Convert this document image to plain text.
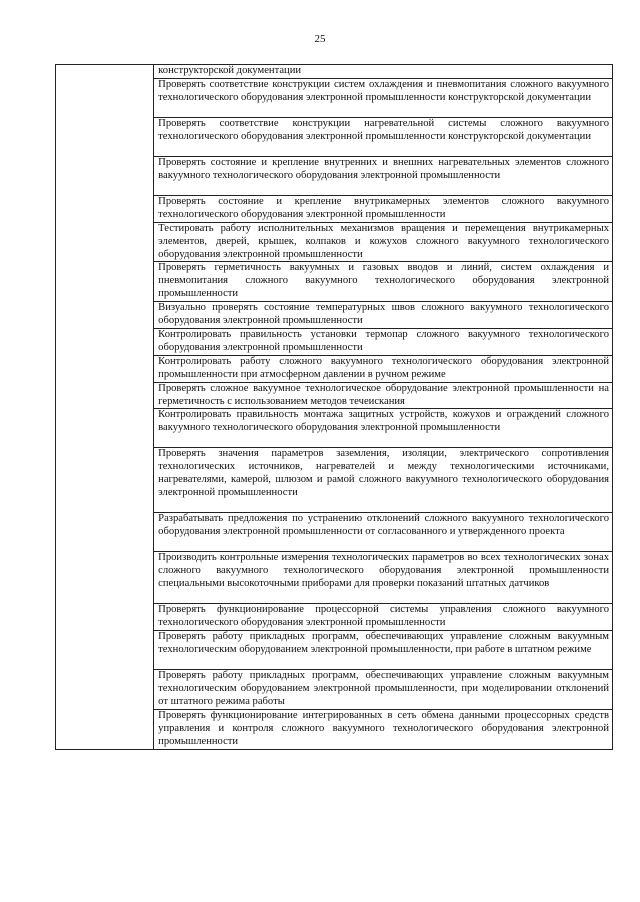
25

конструкторской документации

Проверять соответствие конструкции систем охлаждения и пневмопитания сложного вакуумного технологического оборудования электронной промышленности конструкторской документации

Проверять соответствие конструкции нагревательной системы сложного вакуумного технологического оборудования электронной промышленности конструкторской документации

Проверять состояние и крепление внутренних и внешних нагревательных элементов сложного вакуумного технологического оборудования электронной промышленности

Проверять состояние и крепление внутрикамерных элементов сложного вакуумного технологического оборудования электронной промышленности

Тестировать работу исполнительных механизмов вращения и перемещения внутрикамерных элементов, дверей, крышек, колпаков и кожухов сложного вакуумного технологического оборудования электронной промышленности

Проверять герметичность вакуумных и газовых вводов и линий, систем охлаждения и пневмопитания сложного вакуумного технологического оборудования электронной промышленности

Визуально проверять состояние температурных швов сложного вакуумного технологического оборудования электронной промышленности

Контролировать правильность установки термопар сложного вакуумного технологического оборудования электронной промышленности

Контролировать работу сложного вакуумного технологического оборудования электронной промышленности при атмосферном давлении в ручном режиме

Проверять сложное вакуумное технологическое оборудование электронной промышленности на герметичность с использованием методов течеискания

Контролировать правильность монтажа защитных устройств, кожухов и ограждений сложного вакуумного технологического оборудования электронной промышленности

Проверять значения параметров заземления, изоляции, электрического сопротивления технологических источников, нагревателей и между технологическими источниками, нагревателями, камерой, шлюзом и рамой сложного вакуумного технологического оборудования электронной промышленности

Разрабатывать предложения по устранению отклонений сложного вакуумного технологического оборудования электронной промышленности от согласованного и утвержденного проекта

Производить контрольные измерения технологических параметров во всех технологических зонах сложного вакуумного технологического оборудования электронной промышленности специальными высокоточными приборами для проверки показаний штатных датчиков

Проверять функционирование процессорной системы управления сложного вакуумного технологического оборудования электронной промышленности

Проверять работу прикладных программ, обеспечивающих управление сложным вакуумным технологическим оборудованием электронной промышленности, при работе в штатном режиме

Проверять работу прикладных программ, обеспечивающих управление сложным вакуумным технологическим оборудованием электронной промышленности, при моделировании отклонений от штатного режима работы

Проверять функционирование интегрированных в сеть обмена данными процессорных средств управления и контроля сложного вакуумного технологического оборудования электронной промышленности
